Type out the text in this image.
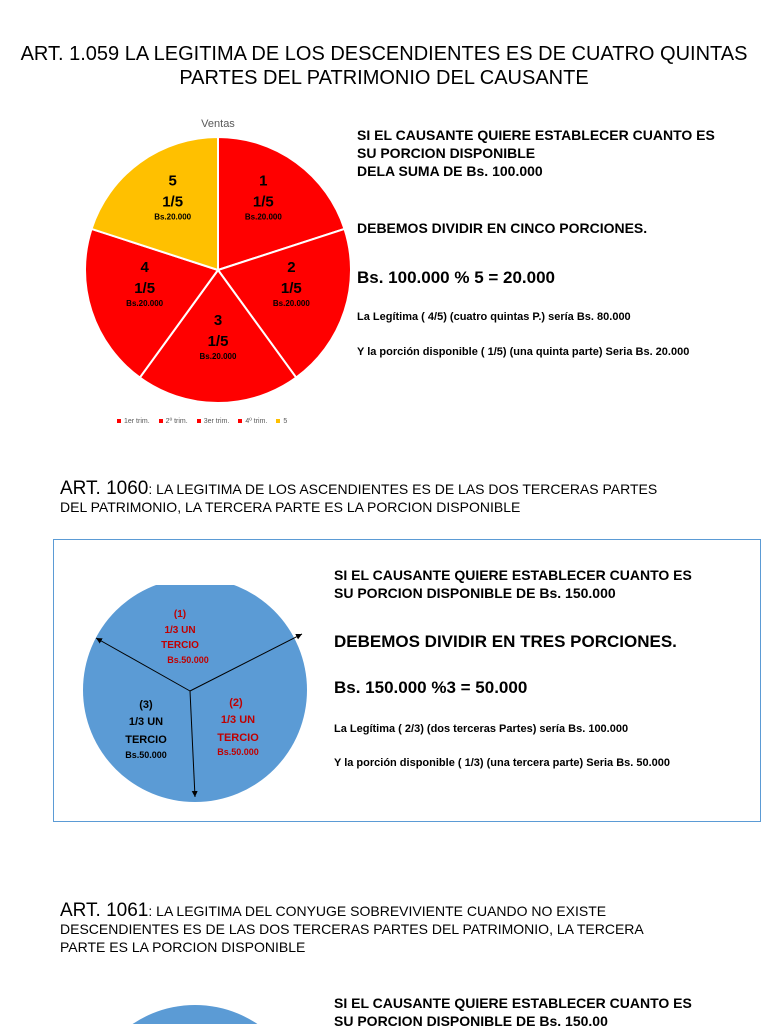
ART. 1.059 LA LEGITIMA DE LOS DESCENDIENTES ES DE CUATRO QUINTAS
PARTES DEL PATRIMONIO DEL CAUSANTE
Ventas
1
1/5
Bs.20.000
2
1/5
Bs.20.000
3
1/5
Bs.20.000
4
1/5
Bs.20.000
5
1/5
Bs.20.000
1er trim.	2º trim.	3er trim.	4º trim.	5
SI EL CAUSANTE QUIERE ESTABLECER CUANTO ES
SU PORCION DISPONIBLE
DELA SUMA DE Bs. 100.000
DEBEMOS DIVIDIR EN CINCO PORCIONES.
Bs. 100.000 % 5 = 20.000
La Legítima ( 4/5) (cuatro quintas P.) sería Bs. 80.000
Y la porción disponible ( 1/5) (una quinta parte) Seria Bs. 20.000
ART. 1060: LA LEGITIMA DE LOS ASCENDIENTES ES DE LAS DOS TERCERAS PARTES
DEL PATRIMONIO, LA TERCERA PARTE ES LA PORCION DISPONIBLE
(1)
1/3 UN
TERCIO
Bs.50.000
(2)
1/3 UN
TERCIO
Bs.50.000
(3)
1/3 UN
TERCIO
Bs.50.000
SI EL CAUSANTE QUIERE ESTABLECER CUANTO ES
SU PORCION DISPONIBLE DE Bs. 150.000
DEBEMOS DIVIDIR EN TRES PORCIONES.
Bs. 150.000 %3 = 50.000
La Legítima ( 2/3) (dos terceras Partes) sería Bs. 100.000
Y la porción disponible ( 1/3) (una tercera parte) Seria Bs. 50.000
ART. 1061: LA LEGITIMA DEL CONYUGE SOBREVIVIENTE CUANDO NO EXISTE
DESCENDIENTES ES DE LAS DOS TERCERAS PARTES DEL PATRIMONIO, LA TERCERA
PARTE ES LA PORCION DISPONIBLE
SI EL CAUSANTE QUIERE ESTABLECER CUANTO ES
SU PORCION DISPONIBLE DE Bs. 150.00
